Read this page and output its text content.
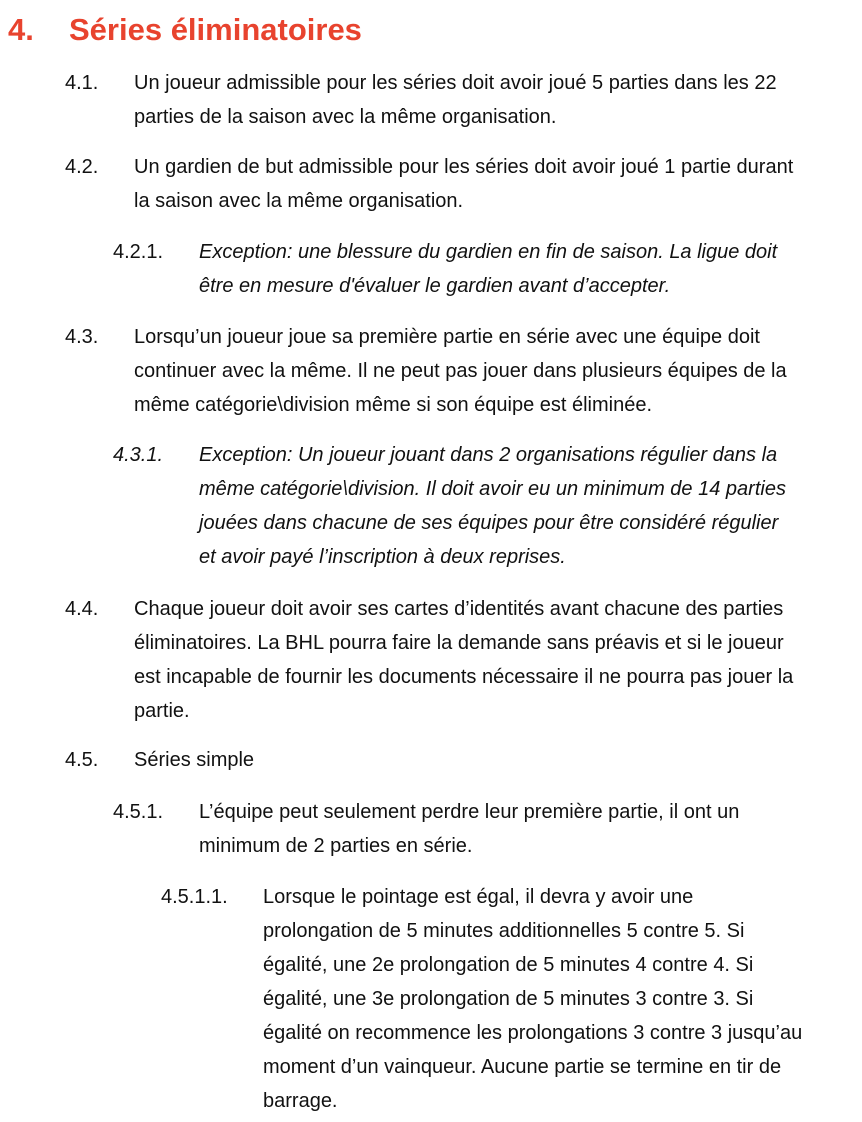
4. Séries éliminatoires
4.1. Un joueur admissible pour les séries doit avoir joué 5 parties dans les 22
parties de la saison avec la même organisation.
4.2. Un gardien de but admissible pour les séries doit avoir joué 1 partie durant
la saison avec la même organisation.
4.2.1. Exception: une blessure du gardien en fin de saison. La ligue doit
être en mesure d'évaluer le gardien avant d’accepter.
4.3. Lorsqu’un joueur joue sa première partie en série avec une équipe doit
continuer avec la même. Il ne peut pas jouer dans plusieurs équipes de la
même catégorie\division même si son équipe est éliminée.
4.3.1. Exception: Un joueur jouant dans 2 organisations régulier dans la
même catégorie\division. Il doit avoir eu un minimum de 14 parties
jouées dans chacune de ses équipes pour être considéré régulier
et avoir payé l’inscription à deux reprises.
4.4. Chaque joueur doit avoir ses cartes d’identités avant chacune des parties
éliminatoires. La BHL pourra faire la demande sans préavis et si le joueur
est incapable de fournir les documents nécessaire il ne pourra pas jouer la
partie.
4.5. Séries simple
4.5.1. L’équipe peut seulement perdre leur première partie, il ont un
minimum de 2 parties en série.
4.5.1.1. Lorsque le pointage est égal, il devra y avoir une
prolongation de 5 minutes additionnelles 5 contre 5. Si
égalité, une 2e prolongation de 5 minutes 4 contre 4. Si
égalité, une 3e prolongation de 5 minutes 3 contre 3. Si
égalité on recommence les prolongations 3 contre 3 jusqu’au
moment d’un vainqueur. Aucune partie se termine en tir de
barrage.
